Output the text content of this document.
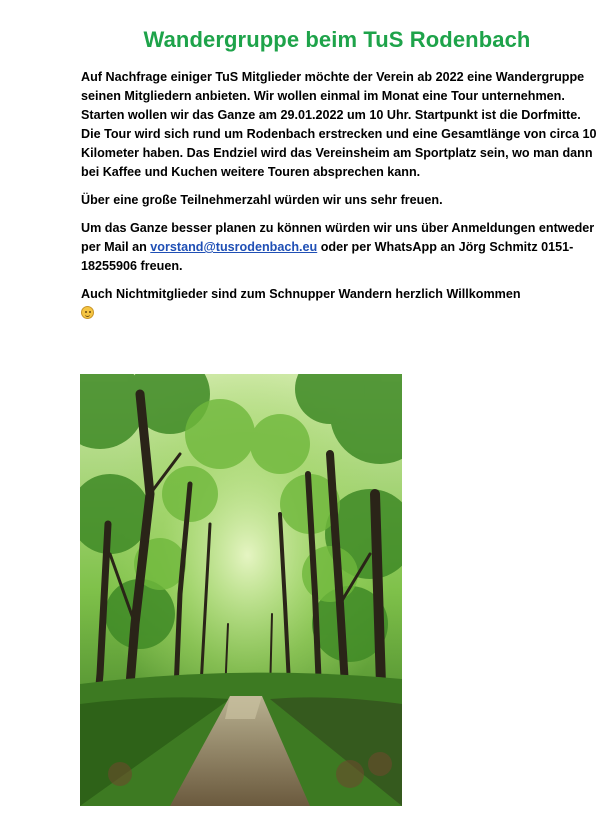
Wandergruppe beim TuS Rodenbach

Auf Nachfrage einiger TuS Mitglieder möchte der Verein ab 2022 eine Wandergruppe seinen Mitgliedern anbieten. Wir wollen einmal im Monat eine Tour unternehmen. Starten wollen wir das Ganze am 29.01.2022 um 10 Uhr. Startpunkt ist die Dorfmitte. Die Tour wird sich rund um Rodenbach erstrecken und eine Gesamtlänge von circa 10 Kilometer haben. Das Endziel wird das Vereinsheim am Sportplatz sein, wo man dann bei Kaffee und Kuchen weitere Touren absprechen kann.

Über eine große Teilnehmerzahl würden wir uns sehr freuen.

Um das Ganze besser planen zu können würden wir uns über Anmeldungen entweder per Mail an vorstand@tusrodenbach.eu oder per WhatsApp an Jörg Schmitz 0151-18255906 freuen.

Auch Nichtmitglieder sind zum Schnupper Wandern herzlich Willkommen
